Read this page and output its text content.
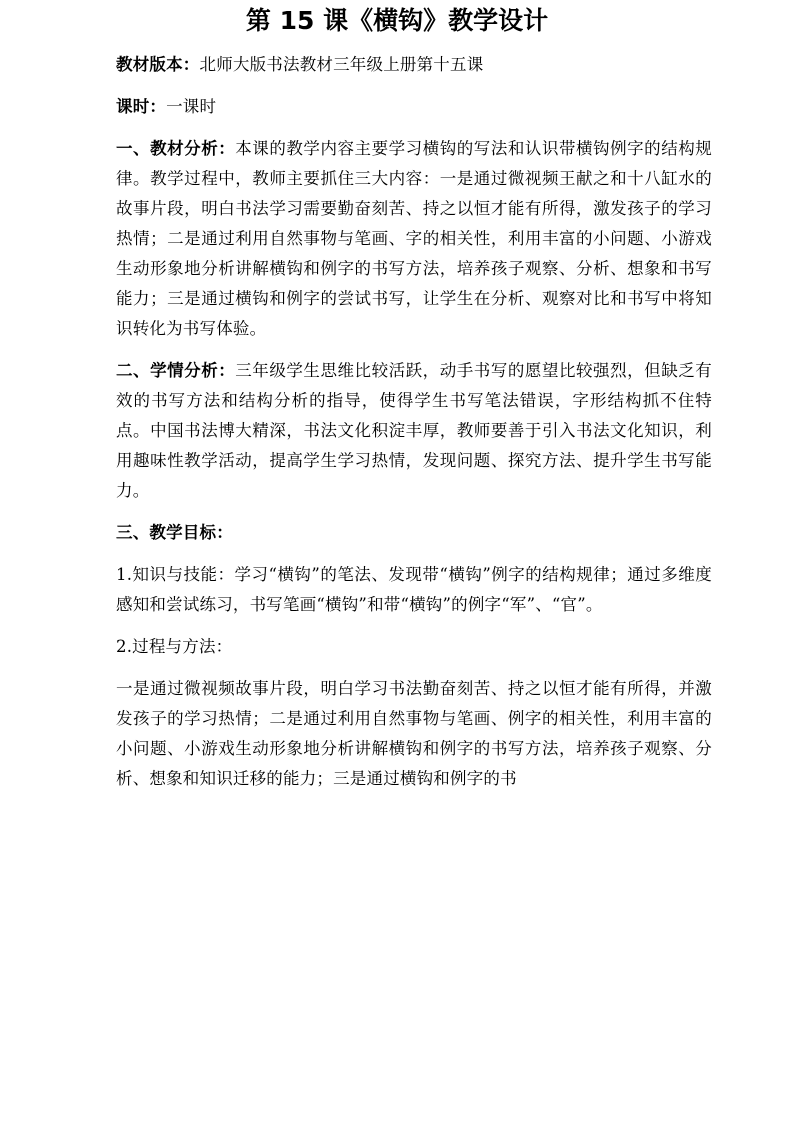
第 15 课《横钩》教学设计

教材版本：北师大版书法教材三年级上册第十五课

课时：一课时

一、教材分析：本课的教学内容主要学习横钩的写法和认识带横钩例字的结构规律。教学过程中，教师主要抓住三大内容：一是通过微视频王献之和十八缸水的故事片段，明白书法学习需要勤奋刻苦、持之以恒才能有所得，激发孩子的学习热情；二是通过利用自然事物与笔画、字的相关性，利用丰富的小问题、小游戏生动形象地分析讲解横钩和例字的书写方法，培养孩子观察、分析、想象和书写能力；三是通过横钩和例字的尝试书写，让学生在分析、观察对比和书写中将知识转化为书写体验。

二、学情分析：三年级学生思维比较活跃，动手书写的愿望比较强烈，但缺乏有效的书写方法和结构分析的指导，使得学生书写笔法错误，字形结构抓不住特点。中国书法博大精深，书法文化积淀丰厚，教师要善于引入书法文化知识，利用趣味性教学活动，提高学生学习热情，发现问题、探究方法、提升学生书写能力。

三、教学目标：

1.知识与技能：学习“横钩”的笔法、发现带“横钩”例字的结构规律；通过多维度感知和尝试练习，书写笔画“横钩”和带“横钩”的例字“军”、“官”。

2.过程与方法：

一是通过微视频故事片段，明白学习书法勤奋刻苦、持之以恒才能有所得，并激发孩子的学习热情；二是通过利用自然事物与笔画、例字的相关性，利用丰富的小问题、小游戏生动形象地分析讲解横钩和例字的书写方法，培养孩子观察、分析、想象和知识迁移的能力；三是通过横钩和例字的书
